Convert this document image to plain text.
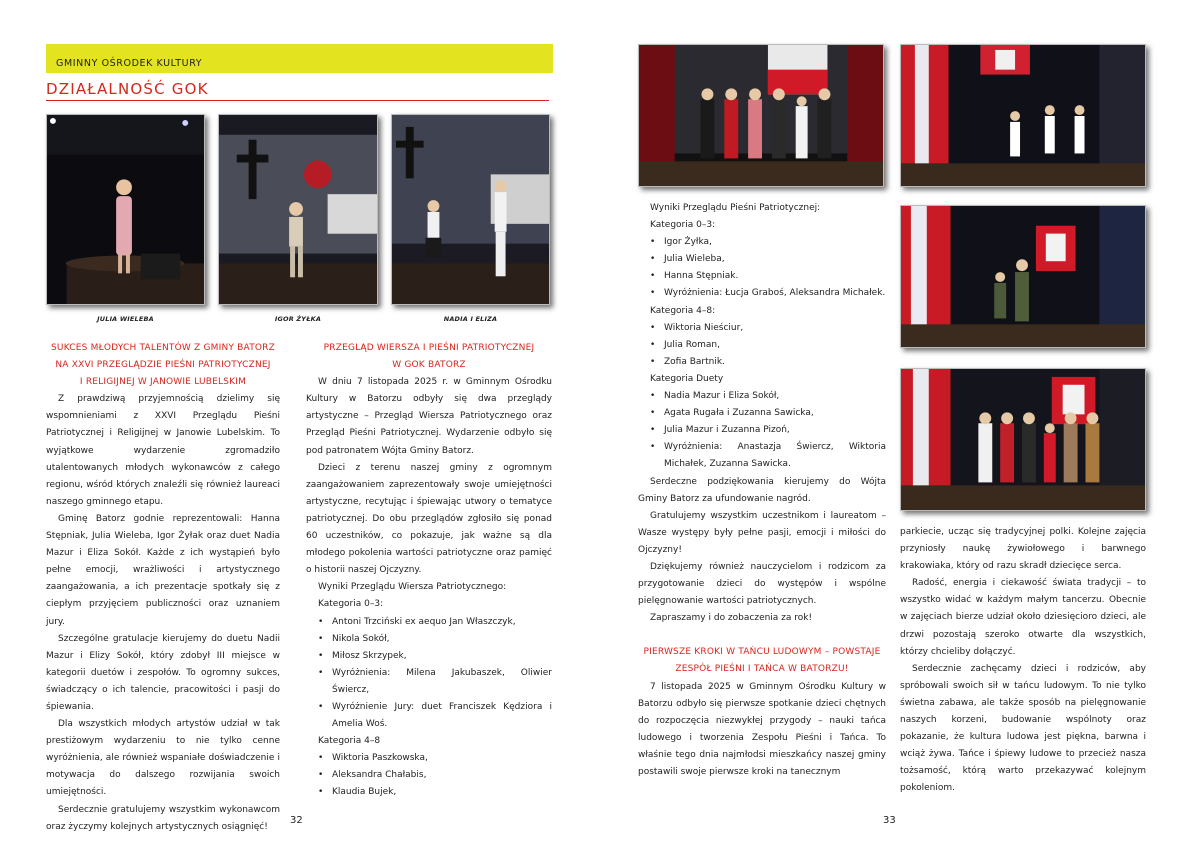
GMINNY OŚRODEK KULTURY
DZIAŁALNOŚĆ GOK
JULIA WIELEBA	IGOR ŻYŁKA	NADIA I ELIZA
SUKCES MŁODYCH TALENTÓW Z GMINY BATORZ
NA XXVI PRZEGLĄDZIE PIEŚNI PATRIOTYCZNEJ
I RELIGIJNEJ W JANOWIE LUBELSKIM

Z prawdziwą przyjemnością dzielimy się wspomnieniami z XXVI Przeglądu Pieśni Patriotycznej i Religijnej w Janowie Lubelskim. To wyjątkowe wydarzenie zgromadziło utalentowanych młodych wykonawców z całego regionu, wśród których znaleźli się również laureaci naszego gminnego etapu.

Gminę Batorz godnie reprezentowali: Hanna Stępniak, Julia Wieleba, Igor Żyłak oraz duet Nadia Mazur i Eliza Sokół. Każde z ich wystąpień było pełne emocji, wrażliwości i artystycznego zaangażowania, a ich prezentacje spotkały się z ciepłym przyjęciem publiczności oraz uznaniem jury.

Szczególne gratulacje kierujemy do duetu Nadii Mazur i Elizy Sokół, który zdobył III miejsce w kategorii duetów i zespołów. To ogromny sukces, świadczący o ich talencie, pracowitości i pasji do śpiewania.

Dla wszystkich młodych artystów udział w tak prestiżowym wydarzeniu to nie tylko cenne wyróżnienia, ale również wspaniałe doświadczenie i motywacja do dalszego rozwijania swoich umiejętności.

Serdecznie gratulujemy wszystkim wykonawcom oraz życzymy kolejnych artystycznych osiągnięć!

PRZEGLĄD WIERSZA I PIEŚNI PATRIOTYCZNEJ
W GOK BATORZ

W dniu 7 listopada 2025 r. w Gminnym Ośrodku Kultury w Batorzu odbyły się dwa przeglądy artystyczne – Przegląd Wiersza Patriotycznego oraz Przegląd Pieśni Patriotycznej. Wydarzenie odbyło się pod patronatem Wójta Gminy Batorz.

Dzieci z terenu naszej gminy z ogromnym zaangażowaniem zaprezentowały swoje umiejętności artystyczne, recytując i śpiewając utwory o tematyce patriotycznej. Do obu przeglądów zgłosiło się ponad 60 uczestników, co pokazuje, jak ważne są dla młodego pokolenia wartości patriotyczne oraz pamięć o historii naszej Ojczyzny.

Wyniki Przeglądu Wiersza Patriotycznego:

Kategoria 0–3:

• Antoni Trzciński ex aequo Jan Właszczyk,
• Nikola Sokół,
• Miłosz Skrzypek,
• Wyróżnienia: Milena Jakubaszek, Oliwier Świercz,
• Wyróżnienie Jury: duet Franciszek Kędziora i Amelia Woś.

Kategoria 4–8

• Wiktoria Paszkowska,
• Aleksandra Chałabis,
• Klaudia Bujek,
32

Wyniki Przeglądu Pieśni Patriotycznej:

Kategoria 0–3:

• Igor Żyłka,
• Julia Wieleba,
• Hanna Stępniak.
• Wyróżnienia: Łucja Graboś, Aleksandra Michałek.

Kategoria 4–8:

• Wiktoria Nieściur,
• Julia Roman,
• Zofia Bartnik.

Kategoria Duety

• Nadia Mazur i Eliza Sokół,
• Agata Rugała i Zuzanna Sawicka,
• Julia Mazur i Zuzanna Pizoń,
• Wyróżnienia: Anastazja Świercz, Wiktoria Michałek, Zuzanna Sawicka.

Serdeczne podziękowania kierujemy do Wójta Gminy Batorz za ufundowanie nagród.

Gratulujemy wszystkim uczestnikom i laureatom – Wasze występy były pełne pasji, emocji i miłości do Ojczyzny!

Dziękujemy również nauczycielom i rodzicom za przygotowanie dzieci do występów i wspólne pielęgnowanie wartości patriotycznych.

Zapraszamy i do zobaczenia za rok!

PIERWSZE KROKI W TAŃCU LUDOWYM – POWSTAJE
ZESPÓŁ PIEŚNI I TAŃCA W BATORZU!

7 listopada 2025 w Gminnym Ośrodku Kultury w Batorzu odbyło się pierwsze spotkanie dzieci chętnych do rozpoczęcia niezwykłej przygody – nauki tańca ludowego i tworzenia Zespołu Pieśni i Tańca. To właśnie tego dnia najmłodsi mieszkańcy naszej gminy postawili swoje pierwsze kroki na tanecznym

parkiecie, ucząc się tradycyjnej polki. Kolejne zajęcia przyniosły naukę żywiołowego i barwnego krakowiaka, który od razu skradł dziecięce serca.

Radość, energia i ciekawość świata tradycji – to wszystko widać w każdym małym tancerzu. Obecnie w zajęciach bierze udział około dziesięcioro dzieci, ale drzwi pozostają szeroko otwarte dla wszystkich, którzy chcieliby dołączyć.

Serdecznie zachęcamy dzieci i rodziców, aby spróbowali swoich sił w tańcu ludowym. To nie tylko świetna zabawa, ale także sposób na pielęgnowanie naszych korzeni, budowanie wspólnoty oraz pokazanie, że kultura ludowa jest piękna, barwna i wciąż żywa. Tańce i śpiewy ludowe to przecież nasza tożsamość, którą warto przekazywać kolejnym pokoleniom.

33
